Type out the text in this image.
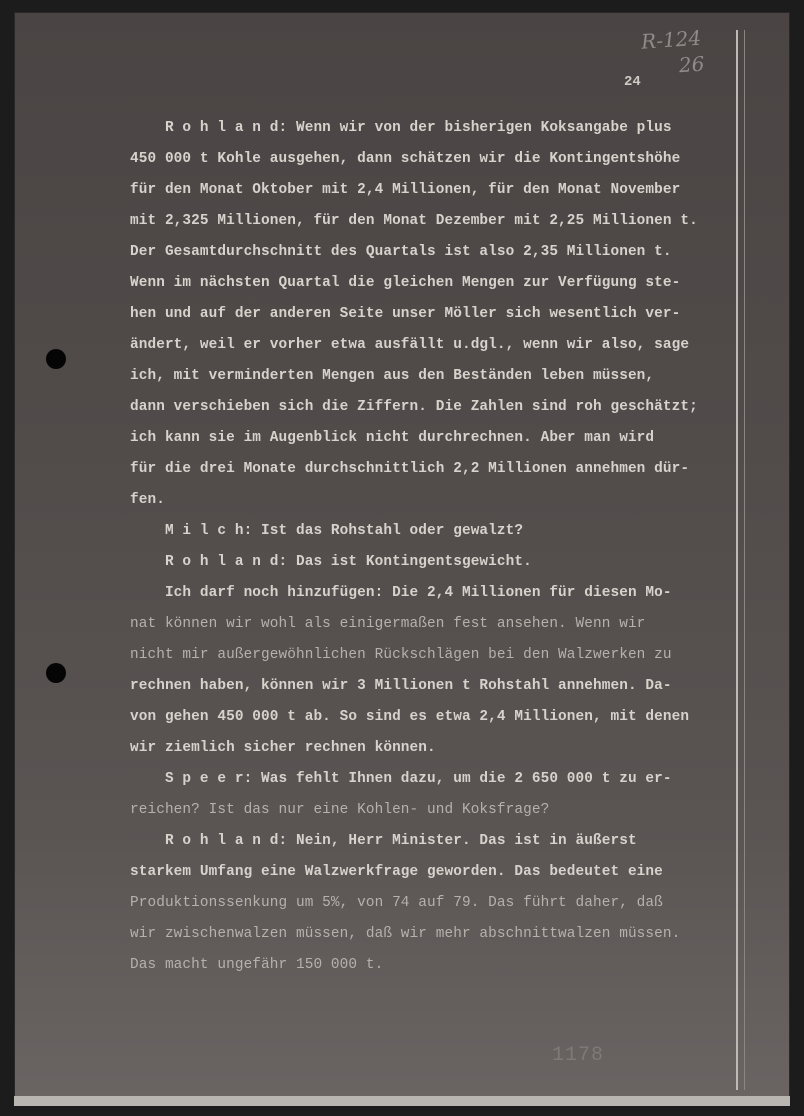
R-124
26
24
R o h l a n d: Wenn wir von der bisherigen Koksangabe plus
450 000 t Kohle ausgehen, dann schätzen wir die Kontingentshöhe
für den Monat Oktober mit 2,4 Millionen, für den Monat November
mit 2,325 Millionen, für den Monat Dezember mit 2,25 Millionen t.
Der Gesamtdurchschnitt des Quartals ist also 2,35 Millionen t.
Wenn im nächsten Quartal die gleichen Mengen zur Verfügung ste-
hen und auf der anderen Seite unser Möller sich wesentlich ver-
ändert, weil er vorher etwa ausfällt u.dgl., wenn wir also, sage
ich, mit verminderten Mengen aus den Beständen leben müssen,
dann verschieben sich die Ziffern. Die Zahlen sind roh geschätzt;
ich kann sie im Augenblick nicht durchrechnen. Aber man wird
für die drei Monate durchschnittlich 2,2 Millionen annehmen dür-
fen.
M i l c h: Ist das Rohstahl oder gewalzt?
R o h l a n d: Das ist Kontingentsgewicht.
Ich darf noch hinzufügen: Die 2,4 Millionen für diesen Mo-
nat können wir wohl als einigermaßen fest ansehen. Wenn wir
nicht mir außergewöhnlichen Rückschlägen bei den Walzwerken zu
rechnen haben, können wir 3 Millionen t Rohstahl annehmen. Da-
von gehen 450 000 t ab. So sind es etwa 2,4 Millionen, mit denen
wir ziemlich sicher rechnen können.
S p e e r: Was fehlt Ihnen dazu, um die 2 650 000 t zu er-
reichen? Ist das nur eine Kohlen- und Koksfrage?
R o h l a n d: Nein, Herr Minister. Das ist in äußerst
starkem Umfang eine Walzwerkfrage geworden. Das bedeutet eine
Produktionssenkung um 5%, von 74 auf 79. Das führt daher, daß
wir zwischenwalzen müssen, daß wir mehr abschnittwalzen müssen.
Das macht ungefähr 150 000 t.
1178
